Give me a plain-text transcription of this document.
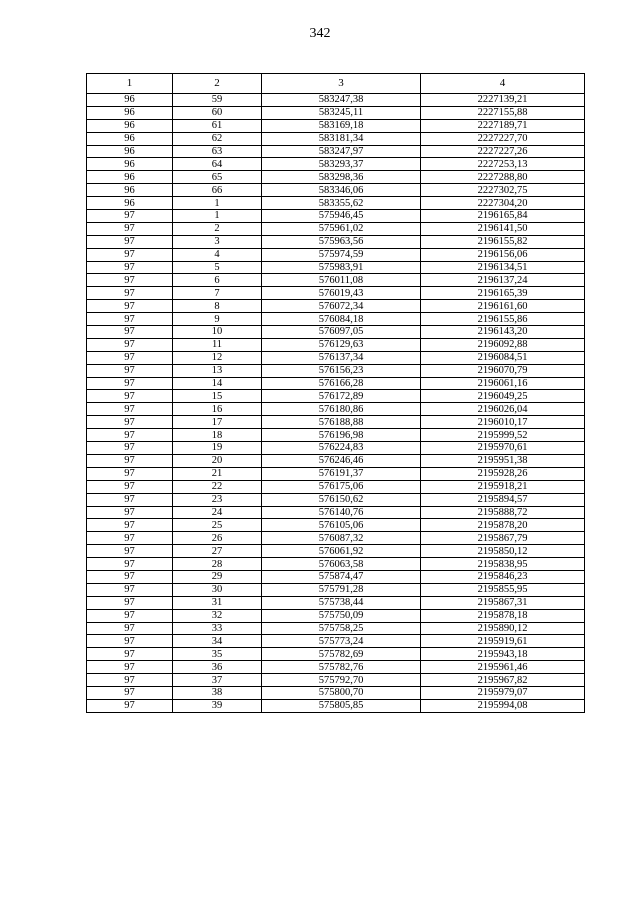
342
1	2	3	4
96	59	583247,38	2227139,21
96	60	583245,11	2227155,88
96	61	583169,18	2227189,71
96	62	583181,34	2227227,70
96	63	583247,97	2227227,26
96	64	583293,37	2227253,13
96	65	583298,36	2227288,80
96	66	583346,06	2227302,75
96	1	583355,62	2227304,20
97	1	575946,45	2196165,84
97	2	575961,02	2196141,50
97	3	575963,56	2196155,82
97	4	575974,59	2196156,06
97	5	575983,91	2196134,51
97	6	576011,08	2196137,24
97	7	576019,43	2196165,39
97	8	576072,34	2196161,60
97	9	576084,18	2196155,86
97	10	576097,05	2196143,20
97	11	576129,63	2196092,88
97	12	576137,34	2196084,51
97	13	576156,23	2196070,79
97	14	576166,28	2196061,16
97	15	576172,89	2196049,25
97	16	576180,86	2196026,04
97	17	576188,88	2196010,17
97	18	576196,98	2195999,52
97	19	576224,83	2195970,61
97	20	576246,46	2195951,38
97	21	576191,37	2195928,26
97	22	576175,06	2195918,21
97	23	576150,62	2195894,57
97	24	576140,76	2195888,72
97	25	576105,06	2195878,20
97	26	576087,32	2195867,79
97	27	576061,92	2195850,12
97	28	576063,58	2195838,95
97	29	575874,47	2195846,23
97	30	575791,28	2195855,95
97	31	575738,44	2195867,31
97	32	575750,09	2195878,18
97	33	575758,25	2195890,12
97	34	575773,24	2195919,61
97	35	575782,69	2195943,18
97	36	575782,76	2195961,46
97	37	575792,70	2195967,82
97	38	575800,70	2195979,07
97	39	575805,85	2195994,08
